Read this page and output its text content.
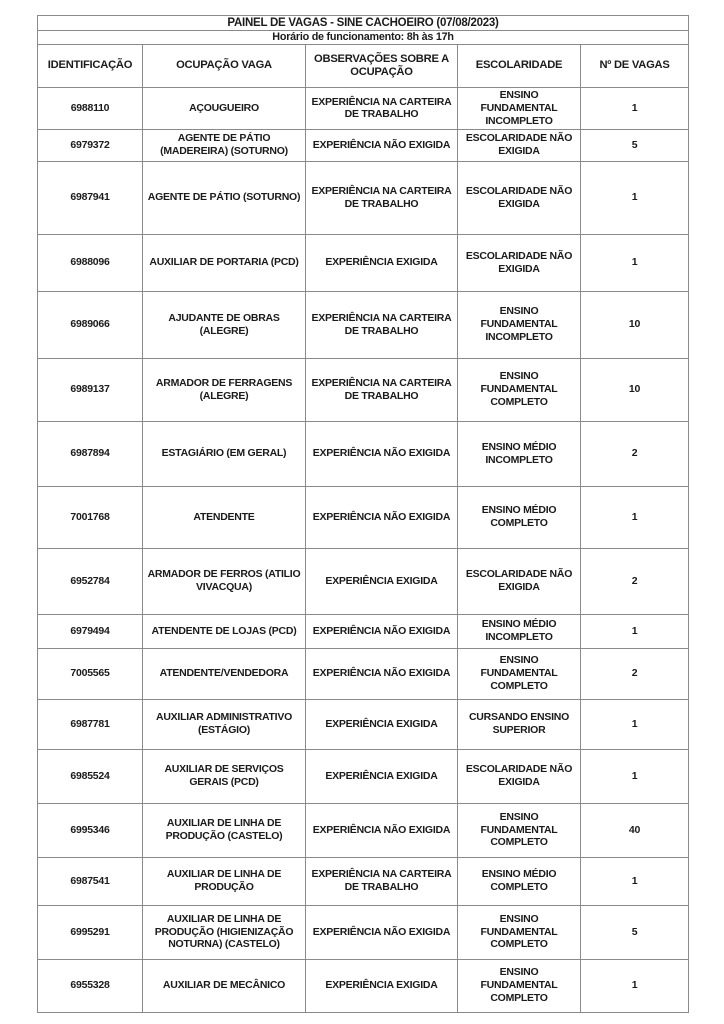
PAINEL DE VAGAS - SINE CACHOEIRO (07/08/2023)				
Horário de funcionamento: 8h às 17h				
IDENTIFICAÇÃO	OCUPAÇÃO VAGA	OBSERVAÇÕES SOBRE A OCUPAÇÃO	ESCOLARIDADE	Nº DE VAGAS
6988110	AÇOUGUEIRO	EXPERIÊNCIA NA CARTEIRA DE TRABALHO	ENSINO FUNDAMENTAL INCOMPLETO	1
6979372	AGENTE DE PÁTIO (MADEREIRA) (SOTURNO)	EXPERIÊNCIA NÃO EXIGIDA	ESCOLARIDADE NÃO EXIGIDA	5
6987941	AGENTE DE PÁTIO (SOTURNO)	EXPERIÊNCIA NA CARTEIRA DE TRABALHO	ESCOLARIDADE NÃO EXIGIDA	1
6988096	AUXILIAR DE PORTARIA (PCD)	EXPERIÊNCIA EXIGIDA	ESCOLARIDADE NÃO EXIGIDA	1
6989066	AJUDANTE DE OBRAS (ALEGRE)	EXPERIÊNCIA NA CARTEIRA DE TRABALHO	ENSINO FUNDAMENTAL INCOMPLETO	10
6989137	ARMADOR DE FERRAGENS (ALEGRE)	EXPERIÊNCIA NA CARTEIRA DE TRABALHO	ENSINO FUNDAMENTAL COMPLETO	10
6987894	ESTAGIÁRIO (EM GERAL)	EXPERIÊNCIA NÃO EXIGIDA	ENSINO MÉDIO INCOMPLETO	2
7001768	ATENDENTE	EXPERIÊNCIA NÃO EXIGIDA	ENSINO MÉDIO COMPLETO	1
6952784	ARMADOR DE FERROS (ATILIO VIVACQUA)	EXPERIÊNCIA EXIGIDA	ESCOLARIDADE NÃO EXIGIDA	2
6979494	ATENDENTE DE LOJAS (PCD)	EXPERIÊNCIA NÃO EXIGIDA	ENSINO MÉDIO INCOMPLETO	1
7005565	ATENDENTE/VENDEDORA	EXPERIÊNCIA NÃO EXIGIDA	ENSINO FUNDAMENTAL COMPLETO	2
6987781	AUXILIAR ADMINISTRATIVO (ESTÁGIO)	EXPERIÊNCIA EXIGIDA	CURSANDO ENSINO SUPERIOR	1
6985524	AUXILIAR DE SERVIÇOS GERAIS (PCD)	EXPERIÊNCIA EXIGIDA	ESCOLARIDADE NÃO EXIGIDA	1
6995346	AUXILIAR DE LINHA DE PRODUÇÃO (CASTELO)	EXPERIÊNCIA NÃO EXIGIDA	ENSINO FUNDAMENTAL COMPLETO	40
6987541	AUXILIAR DE LINHA DE PRODUÇÃO	EXPERIÊNCIA NA CARTEIRA DE TRABALHO	ENSINO MÉDIO COMPLETO	1
6995291	AUXILIAR DE LINHA DE PRODUÇÃO (HIGIENIZAÇÃO NOTURNA) (CASTELO)	EXPERIÊNCIA NÃO EXIGIDA	ENSINO FUNDAMENTAL COMPLETO	5
6955328	AUXILIAR DE MECÂNICO	EXPERIÊNCIA EXIGIDA	ENSINO FUNDAMENTAL COMPLETO	1
